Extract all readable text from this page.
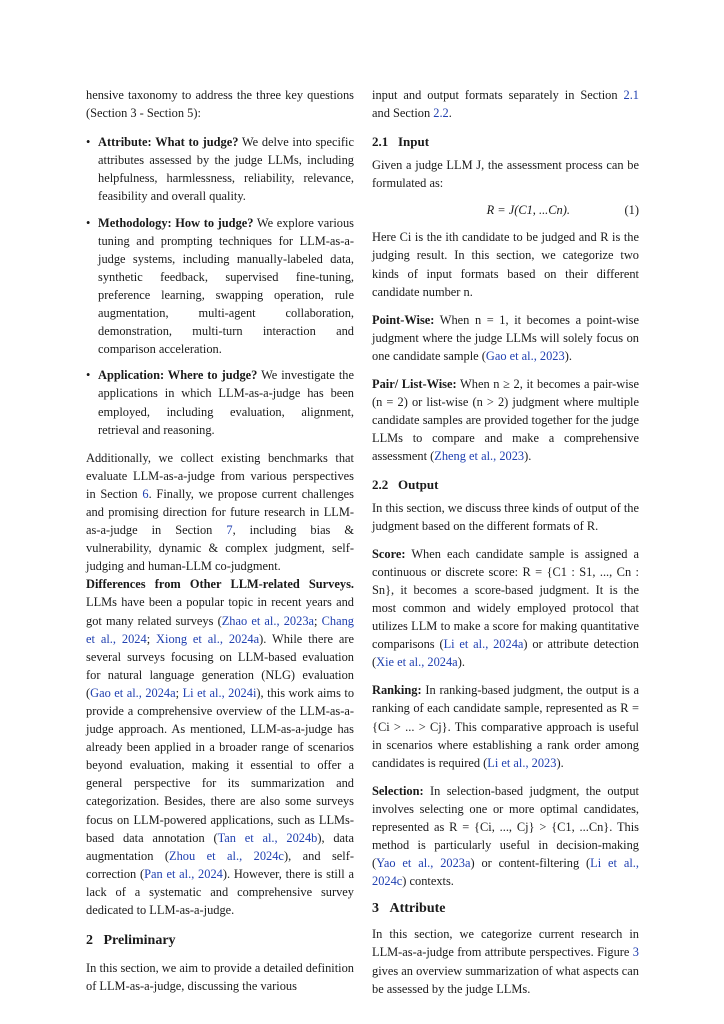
hensive taxonomy to address the three key questions (Section 3 - Section 5):

• Attribute: What to judge? We delve into specific attributes assessed by the judge LLMs, including helpfulness, harmlessness, reliability, relevance, feasibility and overall quality.
• Methodology: How to judge? We explore various tuning and prompting techniques for LLM-as-a-judge systems, including manually-labeled data, synthetic feedback, supervised fine-tuning, preference learning, swapping operation, rule augmentation, multi-agent collaboration, demonstration, multi-turn interaction and comparison acceleration.
• Application: Where to judge? We investigate the applications in which LLM-as-a-judge has been employed, including evaluation, alignment, retrieval and reasoning.

Additionally, we collect existing benchmarks that evaluate LLM-as-a-judge from various perspectives in Section 6. Finally, we propose current challenges and promising direction for future research in LLM-as-a-judge in Section 7, including bias & vulnerability, dynamic & complex judgment, self-judging and human-LLM co-judgment.

Differences from Other LLM-related Surveys. LLMs have been a popular topic in recent years and got many related surveys (Zhao et al., 2023a; Chang et al., 2024; Xiong et al., 2024a). While there are several surveys focusing on LLM-based evaluation for natural language generation (NLG) evaluation (Gao et al., 2024a; Li et al., 2024i), this work aims to provide a comprehensive overview of the LLM-as-a-judge approach. As mentioned, LLM-as-a-judge has already been applied in a broader range of scenarios beyond evaluation, making it essential to offer a general perspective for its summarization and categorization. Besides, there are also some surveys focus on LLM-powered applications, such as LLMs-based data annotation (Tan et al., 2024b), data augmentation (Zhou et al., 2024c), and self-correction (Pan et al., 2024). However, there is still a lack of a systematic and comprehensive survey dedicated to LLM-as-a-judge.

2 Preliminary

In this section, we aim to provide a detailed definition of LLM-as-a-judge, discussing the various

input and output formats separately in Section 2.1 and Section 2.2.

2.1 Input

Given a judge LLM J, the assessment process can be formulated as:

R = J(C1, ...Cn).	(1)

Here Ci is the ith candidate to be judged and R is the judging result. In this section, we categorize two kinds of input formats based on their different candidate number n.

Point-Wise: When n = 1, it becomes a point-wise judgment where the judge LLMs will solely focus on one candidate sample (Gao et al., 2023).

Pair/ List-Wise: When n ≥ 2, it becomes a pair-wise (n = 2) or list-wise (n > 2) judgment where multiple candidate samples are provided together for the judge LLMs to compare and make a comprehensive assessment (Zheng et al., 2023).

2.2 Output

In this section, we discuss three kinds of output of the judgment based on the different formats of R.

Score: When each candidate sample is assigned a continuous or discrete score: R = {C1 : S1, ..., Cn : Sn}, it becomes a score-based judgment. It is the most common and widely employed protocol that utilizes LLM to make a score for making quantitative comparisons (Li et al., 2024a) or attribute detection (Xie et al., 2024a).

Ranking: In ranking-based judgment, the output is a ranking of each candidate sample, represented as R = {Ci > ... > Cj}. This comparative approach is useful in scenarios where establishing a rank order among candidates is required (Li et al., 2023).

Selection: In selection-based judgment, the output involves selecting one or more optimal candidates, represented as R = {Ci, ..., Cj} > {C1, ...Cn}. This method is particularly useful in decision-making (Yao et al., 2023a) or content-filtering (Li et al., 2024c) contexts.

3 Attribute

In this section, we categorize current research in LLM-as-a-judge from attribute perspectives. Figure 3 gives an overview summarization of what aspects can be assessed by the judge LLMs.
